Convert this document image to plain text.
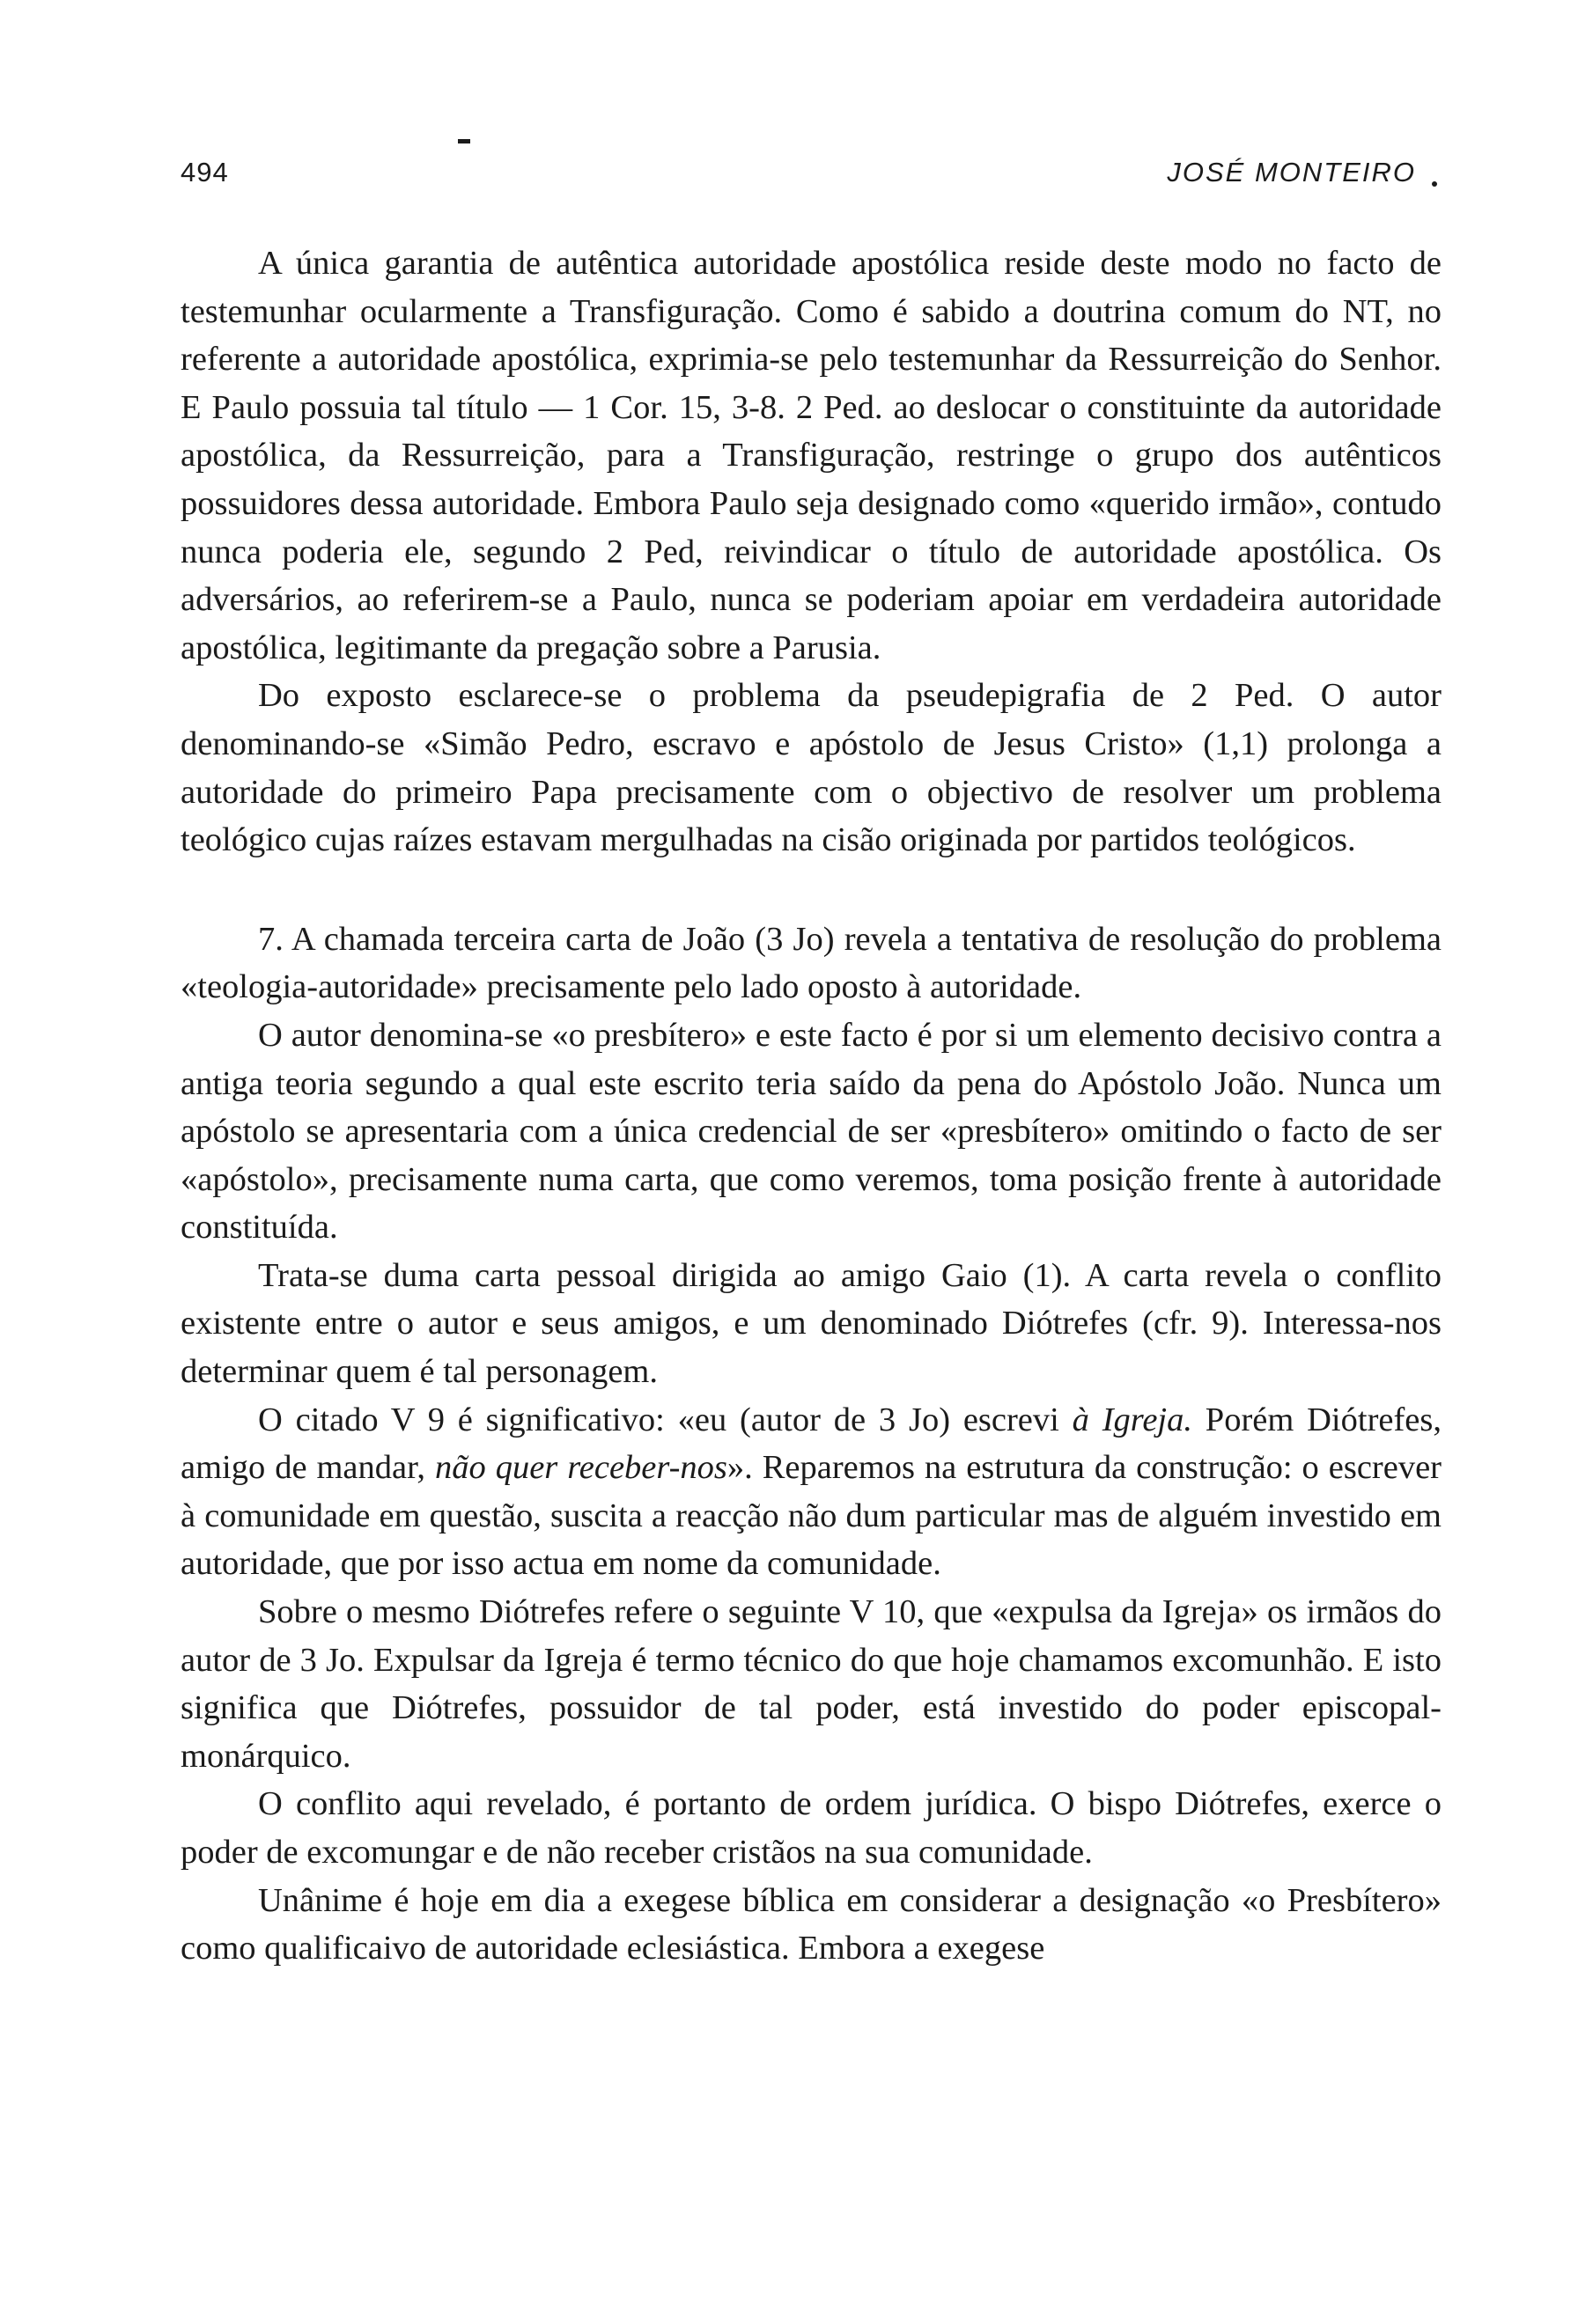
494	JOSÉ MONTEIRO

A única garantia de autêntica autoridade apostólica reside deste modo no facto de testemunhar ocularmente a Transfiguração. Como é sabido a doutrina comum do NT, no referente a autoridade apostólica, exprimia-se pelo testemunhar da Ressurreição do Senhor. E Paulo possuia tal título — 1 Cor. 15, 3-8. 2 Ped. ao deslocar o constituinte da autoridade apostólica, da Ressurreição, para a Transfiguração, restringe o grupo dos autênticos possuidores dessa autoridade. Embora Paulo seja designado como «querido irmão», contudo nunca poderia ele, segundo 2 Ped, reivindicar o título de autoridade apostólica. Os adversários, ao referirem-se a Paulo, nunca se poderiam apoiar em verdadeira autoridade apostólica, legitimante da pregação sobre a Parusia.

Do exposto esclarece-se o problema da pseudepigrafia de 2 Ped. O autor denominando-se «Simão Pedro, escravo e apóstolo de Jesus Cristo» (1,1) prolonga a autoridade do primeiro Papa precisamente com o objectivo de resolver um problema teológico cujas raízes estavam mergulhadas na cisão originada por partidos teológicos.

7. A chamada terceira carta de João (3 Jo) revela a tentativa de resolução do problema «teologia-autoridade» precisamente pelo lado oposto à autoridade.

O autor denomina-se «o presbítero» e este facto é por si um elemento decisivo contra a antiga teoria segundo a qual este escrito teria saído da pena do Apóstolo João. Nunca um apóstolo se apresentaria com a única credencial de ser «presbítero» omitindo o facto de ser «apóstolo», precisamente numa carta, que como veremos, toma posição frente à autoridade constituída.

Trata-se duma carta pessoal dirigida ao amigo Gaio (1). A carta revela o conflito existente entre o autor e seus amigos, e um denominado Diótrefes (cfr. 9). Interessa-nos determinar quem é tal personagem.

O citado V 9 é significativo: «eu (autor de 3 Jo) escrevi à Igreja. Porém Diótrefes, amigo de mandar, não quer receber-nos». Reparemos na estrutura da construção: o escrever à comunidade em questão, suscita a reacção não dum particular mas de alguém investido em autoridade, que por isso actua em nome da comunidade.

Sobre o mesmo Diótrefes refere o seguinte V 10, que «expulsa da Igreja» os irmãos do autor de 3 Jo. Expulsar da Igreja é termo técnico do que hoje chamamos excomunhão. E isto significa que Diótrefes, possuidor de tal poder, está investido do poder episcopal-monárquico.

O conflito aqui revelado, é portanto de ordem jurídica. O bispo Diótrefes, exerce o poder de excomungar e de não receber cristãos na sua comunidade.

Unânime é hoje em dia a exegese bíblica em considerar a designação «o Presbítero» como qualificaivo de autoridade eclesiástica. Embora a exegese
